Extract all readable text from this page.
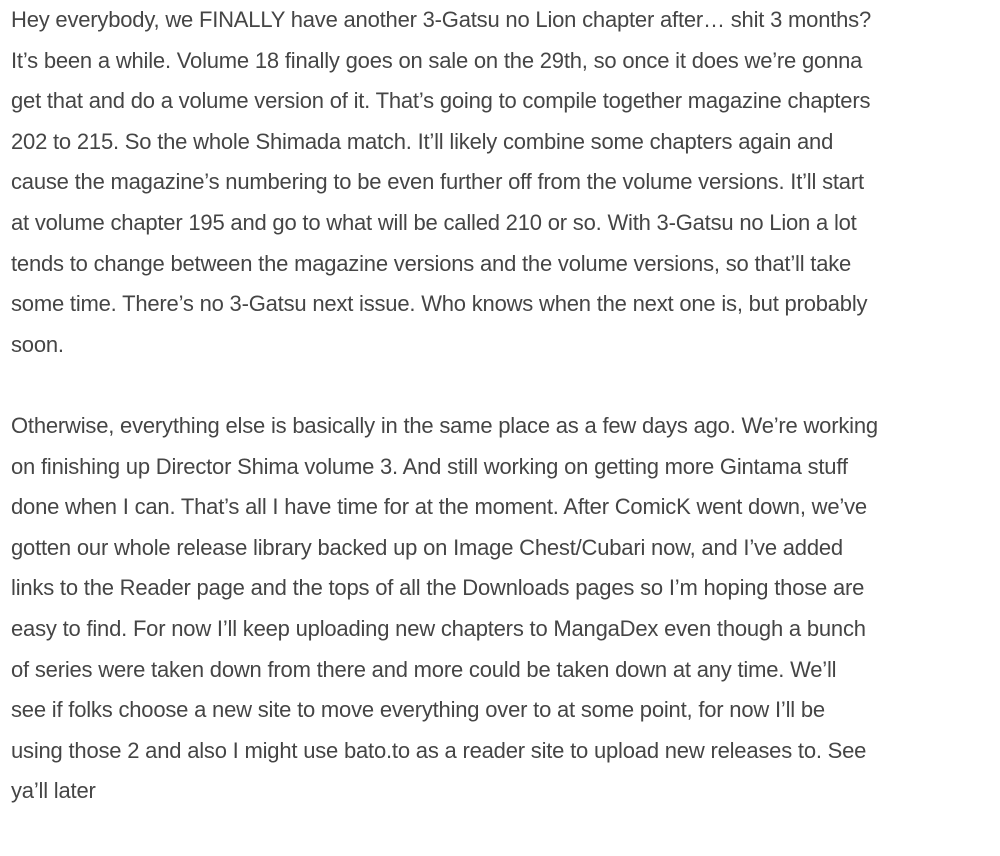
Hey everybody, we FINALLY have another 3-Gatsu no Lion chapter after… shit 3 months?
It’s been a while. Volume 18 finally goes on sale on the 29th, so once it does we’re gonna
get that and do a volume version of it. That’s going to compile together magazine chapters
202 to 215. So the whole Shimada match. It’ll likely combine some chapters again and
cause the magazine’s numbering to be even further off from the volume versions. It’ll start
at volume chapter 195 and go to what will be called 210 or so. With 3-Gatsu no Lion a lot
tends to change between the magazine versions and the volume versions, so that’ll take
some time. There’s no 3-Gatsu next issue. Who knows when the next one is, but probably
soon.

Otherwise, everything else is basically in the same place as a few days ago. We’re working
on finishing up Director Shima volume 3. And still working on getting more Gintama stuff
done when I can. That’s all I have time for at the moment. After ComicK went down, we’ve
gotten our whole release library backed up on Image Chest/Cubari now, and I’ve added
links to the Reader page and the tops of all the Downloads pages so I’m hoping those are
easy to find. For now I’ll keep uploading new chapters to MangaDex even though a bunch
of series were taken down from there and more could be taken down at any time. We’ll
see if folks choose a new site to move everything over to at some point, for now I’ll be
using those 2 and also I might use bato.to as a reader site to upload new releases to. See
ya’ll later
